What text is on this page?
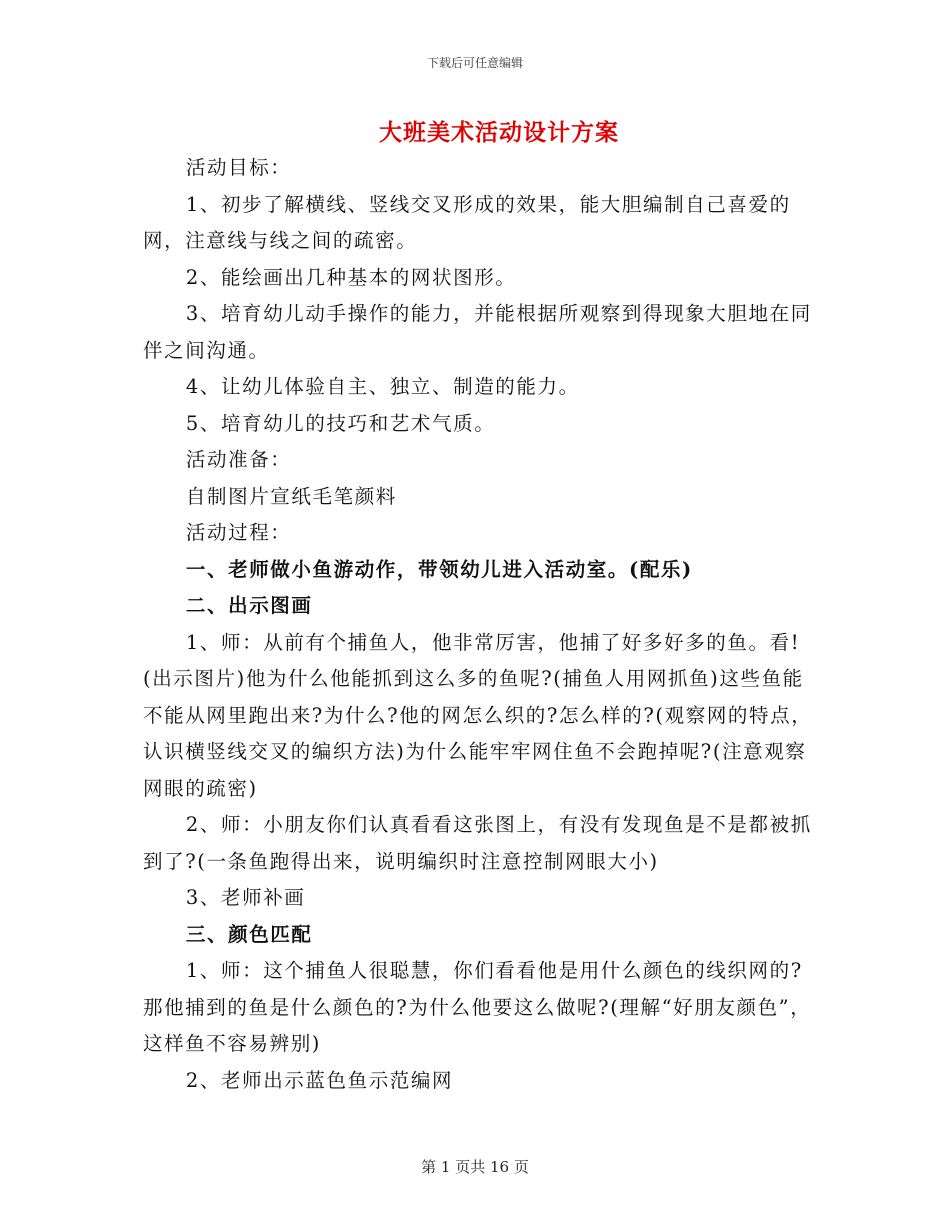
下载后可任意编辑
大班美术活动设计方案

活动目标：

1、初步了解横线、竖线交叉形成的效果，能大胆编制自己喜爱的网，注意线与线之间的疏密。

2、能绘画出几种基本的网状图形。

3、培育幼儿动手操作的能力，并能根据所观察到得现象大胆地在同伴之间沟通。

4、让幼儿体验自主、独立、制造的能力。

5、培育幼儿的技巧和艺术气质。

活动准备：

自制图片宣纸毛笔颜料

活动过程：

一、老师做小鱼游动作，带领幼儿进入活动室。(配乐)

二、出示图画

1、师：从前有个捕鱼人，他非常厉害，他捕了好多好多的鱼。看!(出示图片)他为什么他能抓到这么多的鱼呢?(捕鱼人用网抓鱼)这些鱼能不能从网里跑出来?为什么?他的网怎么织的?怎么样的?(观察网的特点，认识横竖线交叉的编织方法)为什么能牢牢网住鱼不会跑掉呢?(注意观察网眼的疏密)

2、师：小朋友你们认真看看这张图上，有没有发现鱼是不是都被抓到了?(一条鱼跑得出来，说明编织时注意控制网眼大小)

3、老师补画

三、颜色匹配

1、师：这个捕鱼人很聪慧，你们看看他是用什么颜色的线织网的?那他捕到的鱼是什么颜色的?为什么他要这么做呢?(理解“好朋友颜色”，这样鱼不容易辨别)

2、老师出示蓝色鱼示范编网

第 1 页共 16 页
